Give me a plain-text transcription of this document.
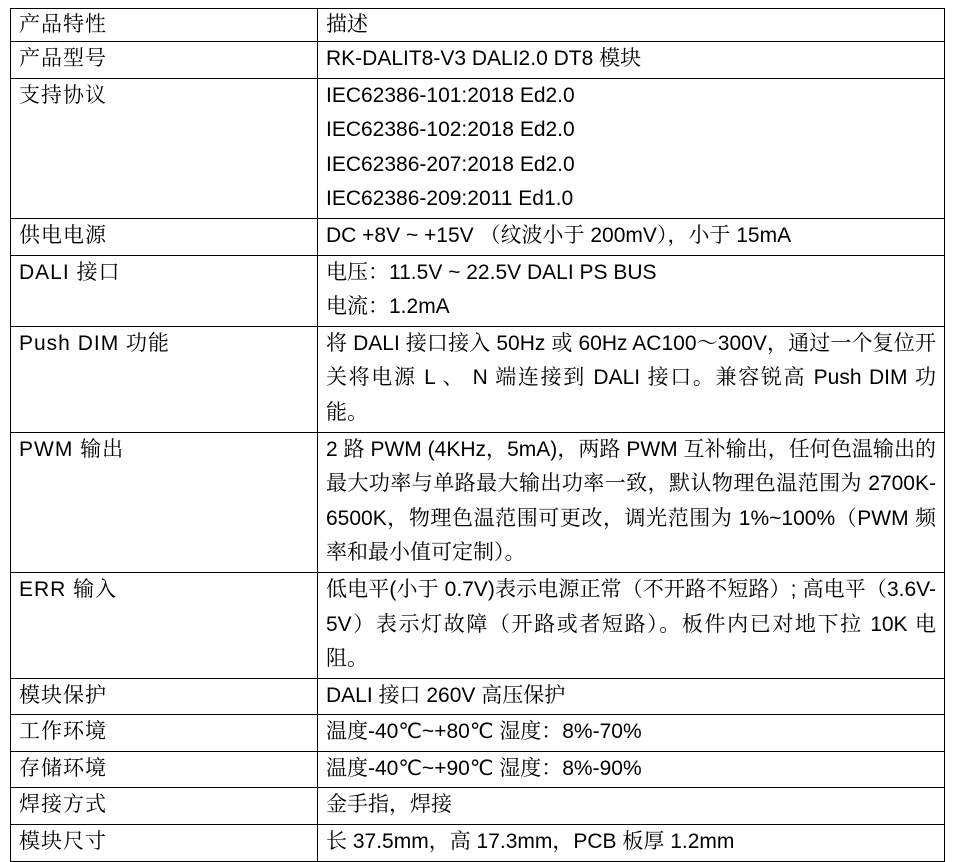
产品特性	描述
产品型号	RK-DALIT8-V3 DALI2.0 DT8 模块

支持协议	IEC62386-101:2018 Ed2.0
IEC62386-102:2018 Ed2.0
IEC62386-207:2018 Ed2.0
IEC62386-209:2011 Ed1.0

供电电源	DC +8V ~ +15V （纹波小于 200mV），小于 15mA

DALI 接口	电压：11.5V ~ 22.5V DALI PS BUS
电流：1.2mA

Push DIM 功能	将 DALI 接口接入 50Hz 或 60Hz AC100～300V，通过一个复位开关将电源 L 、 N 端连接到 DALI 接口。兼容锐高 Push DIM 功能。

PWM 输出	2 路 PWM (4KHz，5mA)，两路 PWM 互补输出，任何色温输出的最大功率与单路最大输出功率一致，默认物理色温范围为 2700K-6500K，物理色温范围可更改，调光范围为 1%~100%（PWM 频率和最小值可定制）。

ERR 输入	低电平(小于 0.7V)表示电源正常（不开路不短路）; 高电平（3.6V-5V）表示灯故障（开路或者短路）。板件内已对地下拉 10K 电阻。

模块保护	DALI 接口 260V 高压保护

工作环境	温度-40℃~+80℃ 湿度：8%-70%

存储环境	温度-40℃~+90℃ 湿度：8%-90%

焊接方式	金手指，焊接

模块尺寸	长 37.5mm，高 17.3mm，PCB 板厚 1.2mm
